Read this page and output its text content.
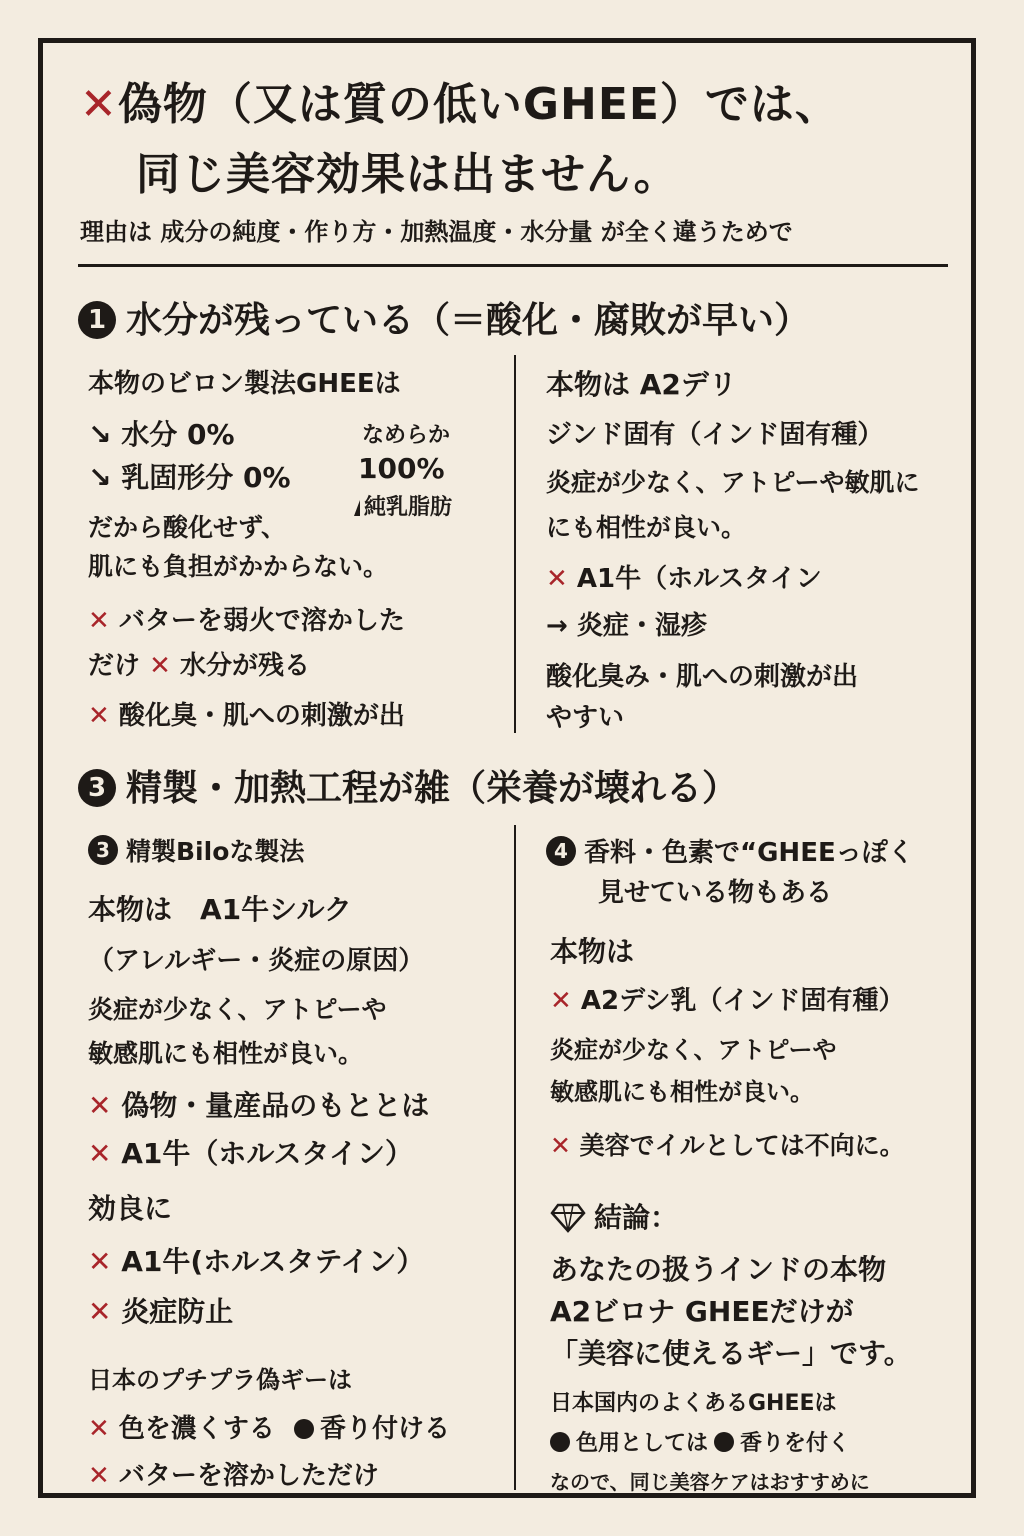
✕偽物（又は質の低いGHEE）では、
同じ美容効果は出ません。
理由は 成分の純度・作り方・加熱温度・水分量 が全く違うためで
1 水分が残っている（＝酸化・腐敗が早い）
本物のビロン製法GHEEは
↘ 水分 0%
↘ 乳固形分 0%
なめらか
100%
純乳脂肪
だから酸化せず、
肌にも負担がかからない。
✕ バターを弱火で溶かした
だけ ✕ 水分が残る
✕ 酸化臭・肌への刺激が出
本物は A2デリ
ジンド固有（インド固有種）
炎症が少なく、アトピーや敏肌に
にも相性が良い。
✕ A1牛（ホルスタイン
→ 炎症・湿疹
酸化臭み・肌への刺激が出
やすい
3 精製・加熱工程が雑（栄養が壊れる）
3 精製Biloな製法
本物は　A1牛シルク
（アレルギー・炎症の原因）
炎症が少なく、アトピーや
敏感肌にも相性が良い。
✕ 偽物・量産品のもととは
✕ A1牛（ホルスタイン）
効良に
✕ A1牛(ホルスタテイン）
✕ 炎症防止
日本のプチプラ偽ギーは
✕ 色を濃くする 香り付ける
✕ バターを溶かしただけ
4 香料・色素で“GHEEっぽく
見せている物もある
本物は
✕ A2デシ乳（インド固有種）
炎症が少なく、アトピーや
敏感肌にも相性が良い。
✕ 美容でイルとしては不向に。
結論：
あなたの扱うインドの本物
A2ビロナ GHEEだけが
「美容に使えるギー」です。
日本国内のよくあるGHEEは
色用としては 香りを付く
なので、同じ美容ケアはおすすめに
